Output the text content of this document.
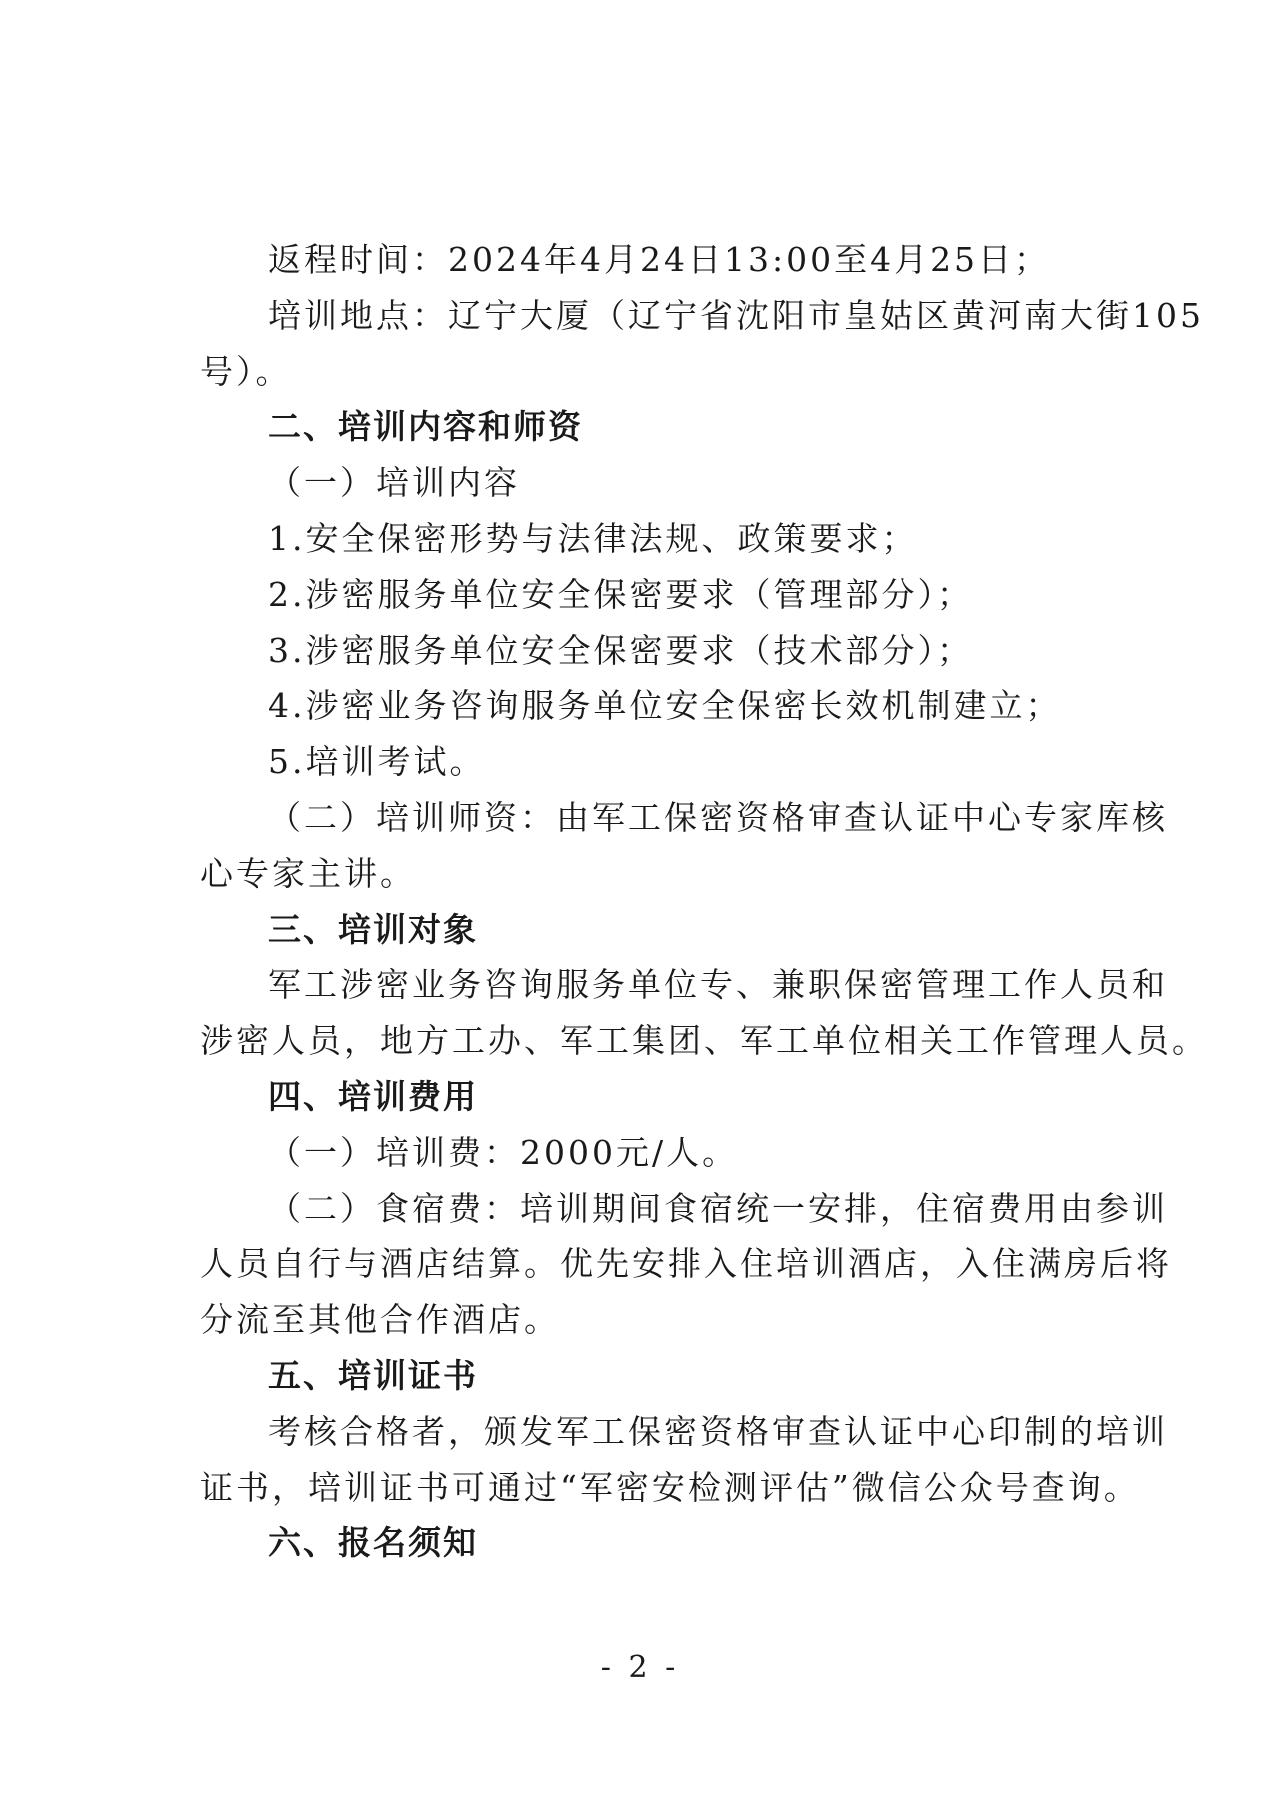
返程时间：2024年4月24日13:00至4月25日；

培训地点：辽宁大厦（辽宁省沈阳市皇姑区黄河南大街105

号）。

二、培训内容和师资

（一）培训内容

1.安全保密形势与法律法规、政策要求；

2.涉密服务单位安全保密要求（管理部分）；

3.涉密服务单位安全保密要求（技术部分）；

4.涉密业务咨询服务单位安全保密长效机制建立；

5.培训考试。

（二）培训师资：由军工保密资格审查认证中心专家库核

心专家主讲。

三、培训对象

军工涉密业务咨询服务单位专、兼职保密管理工作人员和

涉密人员，地方工办、军工集团、军工单位相关工作管理人员。

四、培训费用

（一）培训费：2000元/人。

（二）食宿费：培训期间食宿统一安排，住宿费用由参训

人员自行与酒店结算。优先安排入住培训酒店，入住满房后将

分流至其他合作酒店。

五、培训证书

考核合格者，颁发军工保密资格审查认证中心印制的培训

证书，培训证书可通过“军密安检测评估”微信公众号查询。

六、报名须知

- 2 -
